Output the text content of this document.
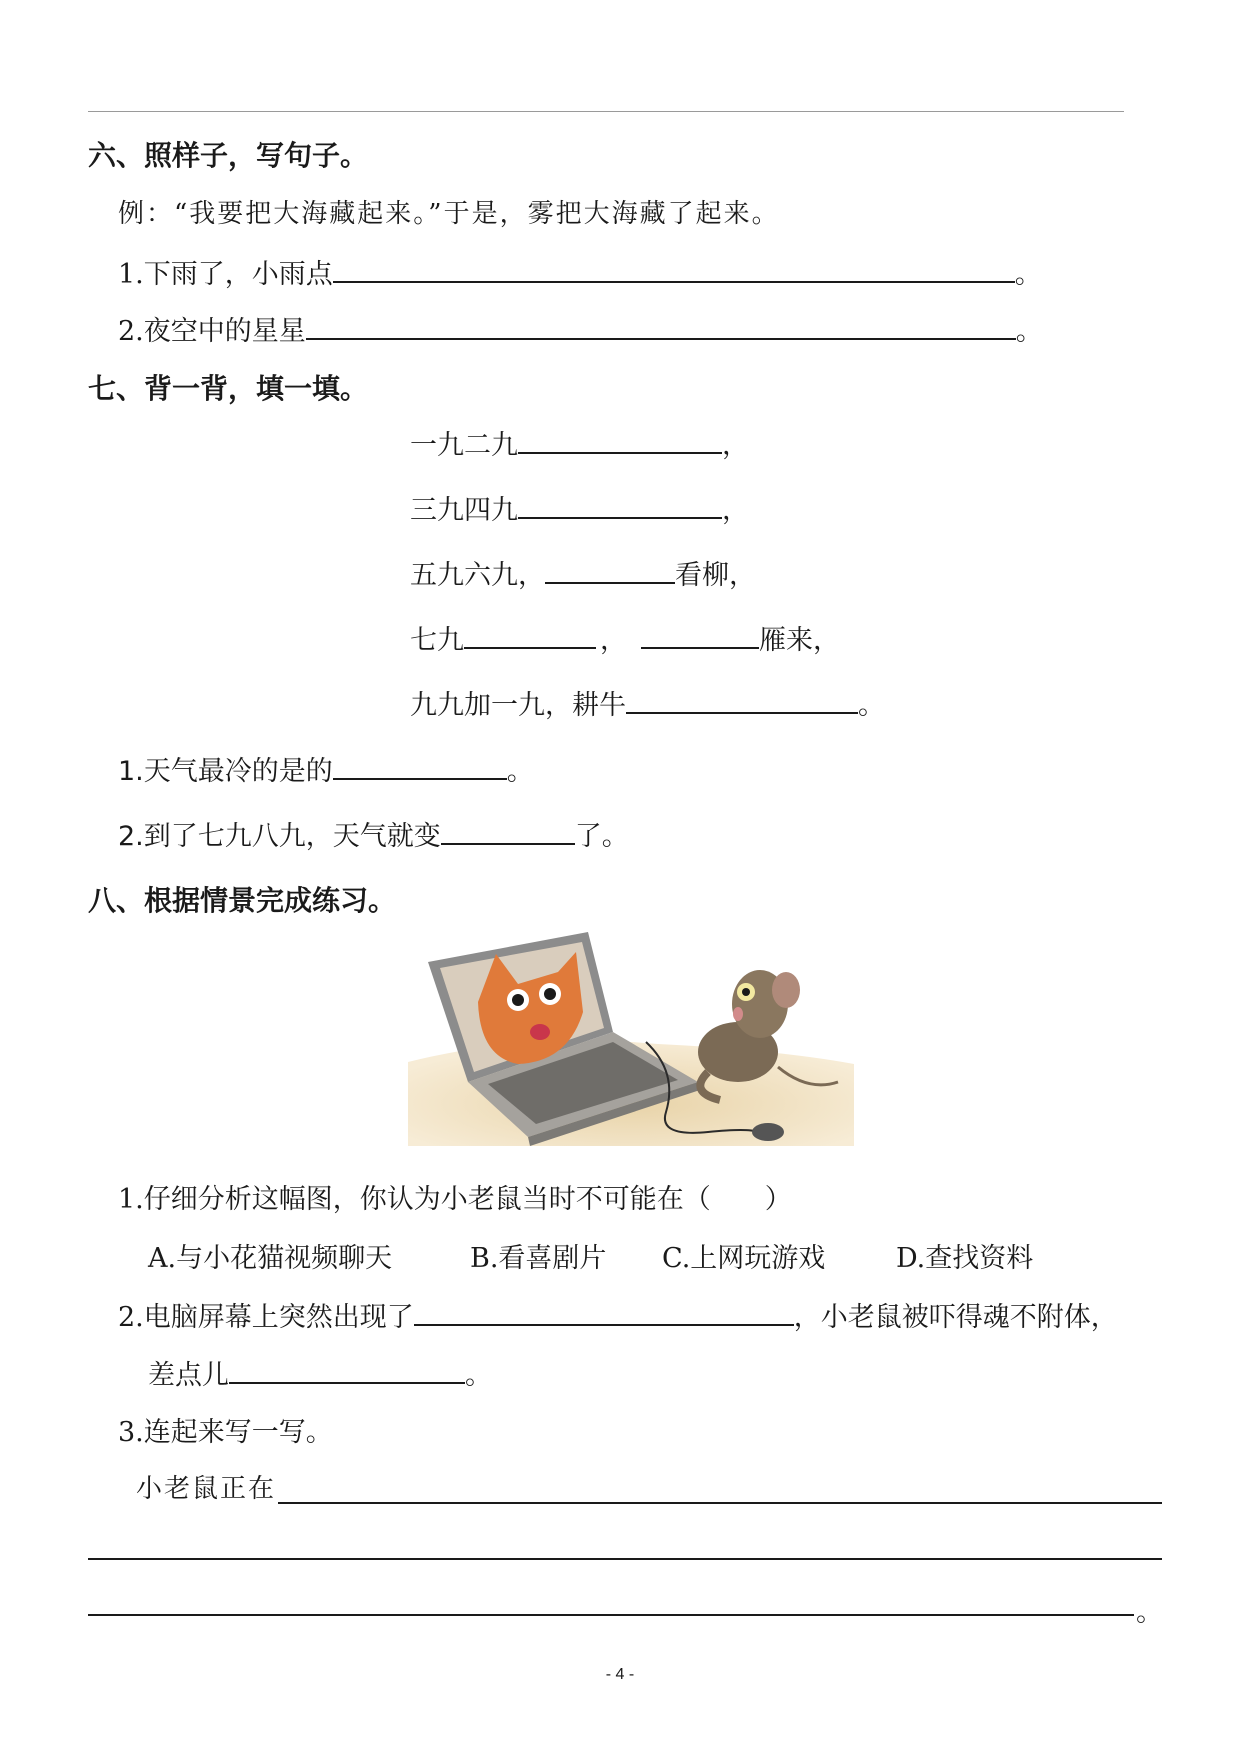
六、照样子，写句子。
例：“我要把大海藏起来。”于是，雾把大海藏了起来。
1.下雨了，小雨点	。
2.夜空中的星星	。
七、背一背，填一填。
一九二九	，
三九四九	，
五九六九，	看柳，
七九	，	雁来，
九九加一九，耕牛	。
1.天气最冷的是的	。
2.到了七九八九，天气就变	了。
八、根据情景完成练习。
1.仔细分析这幅图，你认为小老鼠当时不可能在（　　）
A.与小花猫视频聊天	B.看喜剧片 C.上网玩游戏	D.查找资料
2.电脑屏幕上突然出现了	，小老鼠被吓得魂不附体，
差点儿	。
3.连起来写一写。
小老鼠正在
。
- 4 -
